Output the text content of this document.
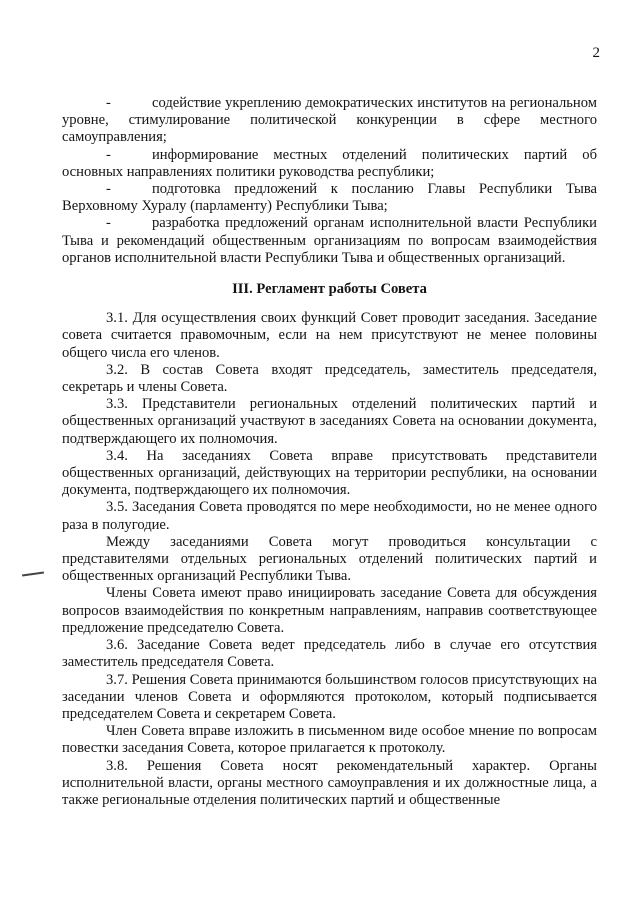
2

-	содействие укреплению демократических институтов на региональном уровне, стимулирование политической конкуренции в сфере местного самоуправления;

-	информирование местных отделений политических партий об основных направлениях политики руководства республики;

-	подготовка предложений к посланию Главы Республики Тыва Верховному Хуралу (парламенту) Республики Тыва;

-	разработка предложений органам исполнительной власти Республики Тыва и рекомендаций общественным организациям по вопросам взаимодействия органов исполнительной власти Республики Тыва и общественных организаций.

III. Регламент работы Совета

3.1. Для осуществления своих функций Совет проводит заседания. Заседание совета считается правомочным, если на нем присутствуют не менее половины общего числа его членов.

3.2. В состав Совета входят председатель, заместитель председателя, секретарь и члены Совета.

3.3. Представители региональных отделений политических партий и общественных организаций участвуют в заседаниях Совета на основании документа, подтверждающего их полномочия.

3.4. На заседаниях Совета вправе присутствовать представители общественных организаций, действующих на территории республики, на основании документа, подтверждающего их полномочия.

3.5. Заседания Совета проводятся по мере необходимости, но не менее одного раза в полугодие.

Между заседаниями Совета могут проводиться консультации с представителями отдельных региональных отделений политических партий и общественных организаций Республики Тыва.

Члены Совета имеют право инициировать заседание Совета для обсуждения вопросов взаимодействия по конкретным направлениям, направив соответствующее предложение председателю Совета.

3.6. Заседание Совета ведет председатель либо в случае его отсутствия заместитель председателя Совета.

3.7. Решения Совета принимаются большинством голосов присутствующих на заседании членов Совета и оформляются протоколом, который подписывается председателем Совета и секретарем Совета.

Член Совета вправе изложить в письменном виде особое мнение по вопросам повестки заседания Совета, которое прилагается к протоколу.

3.8. Решения Совета носят рекомендательный характер. Органы исполнительной власти, органы местного самоуправления и их должностные лица, а также региональные отделения политических партий и общественные
